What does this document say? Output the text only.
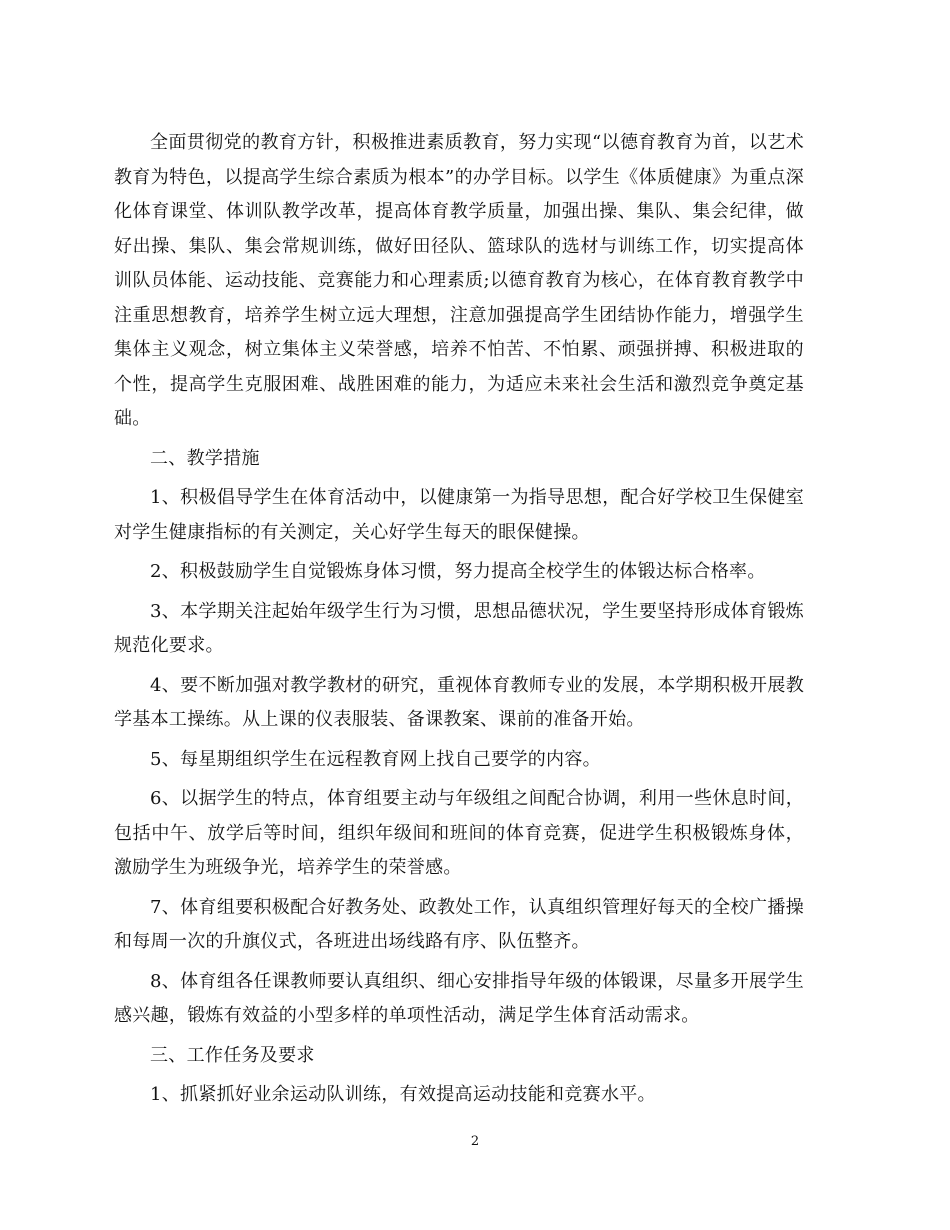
全面贯彻党的教育方针，积极推进素质教育，努力实现“以德育教育为首，以艺术教育为特色，以提高学生综合素质为根本”的办学目标。以学生《体质健康》为重点深化体育课堂、体训队教学改革，提高体育教学质量，加强出操、集队、集会纪律，做好出操、集队、集会常规训练，做好田径队、篮球队的选材与训练工作，切实提高体训队员体能、运动技能、竞赛能力和心理素质;以德育教育为核心，在体育教育教学中注重思想教育，培养学生树立远大理想，注意加强提高学生团结协作能力，增强学生集体主义观念，树立集体主义荣誉感，培养不怕苦、不怕累、顽强拼搏、积极进取的个性，提高学生克服困难、战胜困难的能力，为适应未来社会生活和激烈竞争奠定基础。

二、教学措施

1、积极倡导学生在体育活动中，以健康第一为指导思想，配合好学校卫生保健室对学生健康指标的有关测定，关心好学生每天的眼保健操。

2、积极鼓励学生自觉锻炼身体习惯，努力提高全校学生的体锻达标合格率。

3、本学期关注起始年级学生行为习惯，思想品德状况，学生要坚持形成体育锻炼规范化要求。

4、要不断加强对教学教材的研究，重视体育教师专业的发展，本学期积极开展教学基本工操练。从上课的仪表服装、备课教案、课前的准备开始。

5、每星期组织学生在远程教育网上找自己要学的内容。

6、以据学生的特点，体育组要主动与年级组之间配合协调，利用一些休息时间，包括中午、放学后等时间，组织年级间和班间的体育竞赛，促进学生积极锻炼身体，激励学生为班级争光，培养学生的荣誉感。

7、体育组要积极配合好教务处、政教处工作，认真组织管理好每天的全校广播操和每周一次的升旗仪式，各班进出场线路有序、队伍整齐。

8、体育组各任课教师要认真组织、细心安排指导年级的体锻课，尽量多开展学生感兴趣，锻炼有效益的小型多样的单项性活动，满足学生体育活动需求。

三、工作任务及要求

1、抓紧抓好业余运动队训练，有效提高运动技能和竞赛水平。

2
